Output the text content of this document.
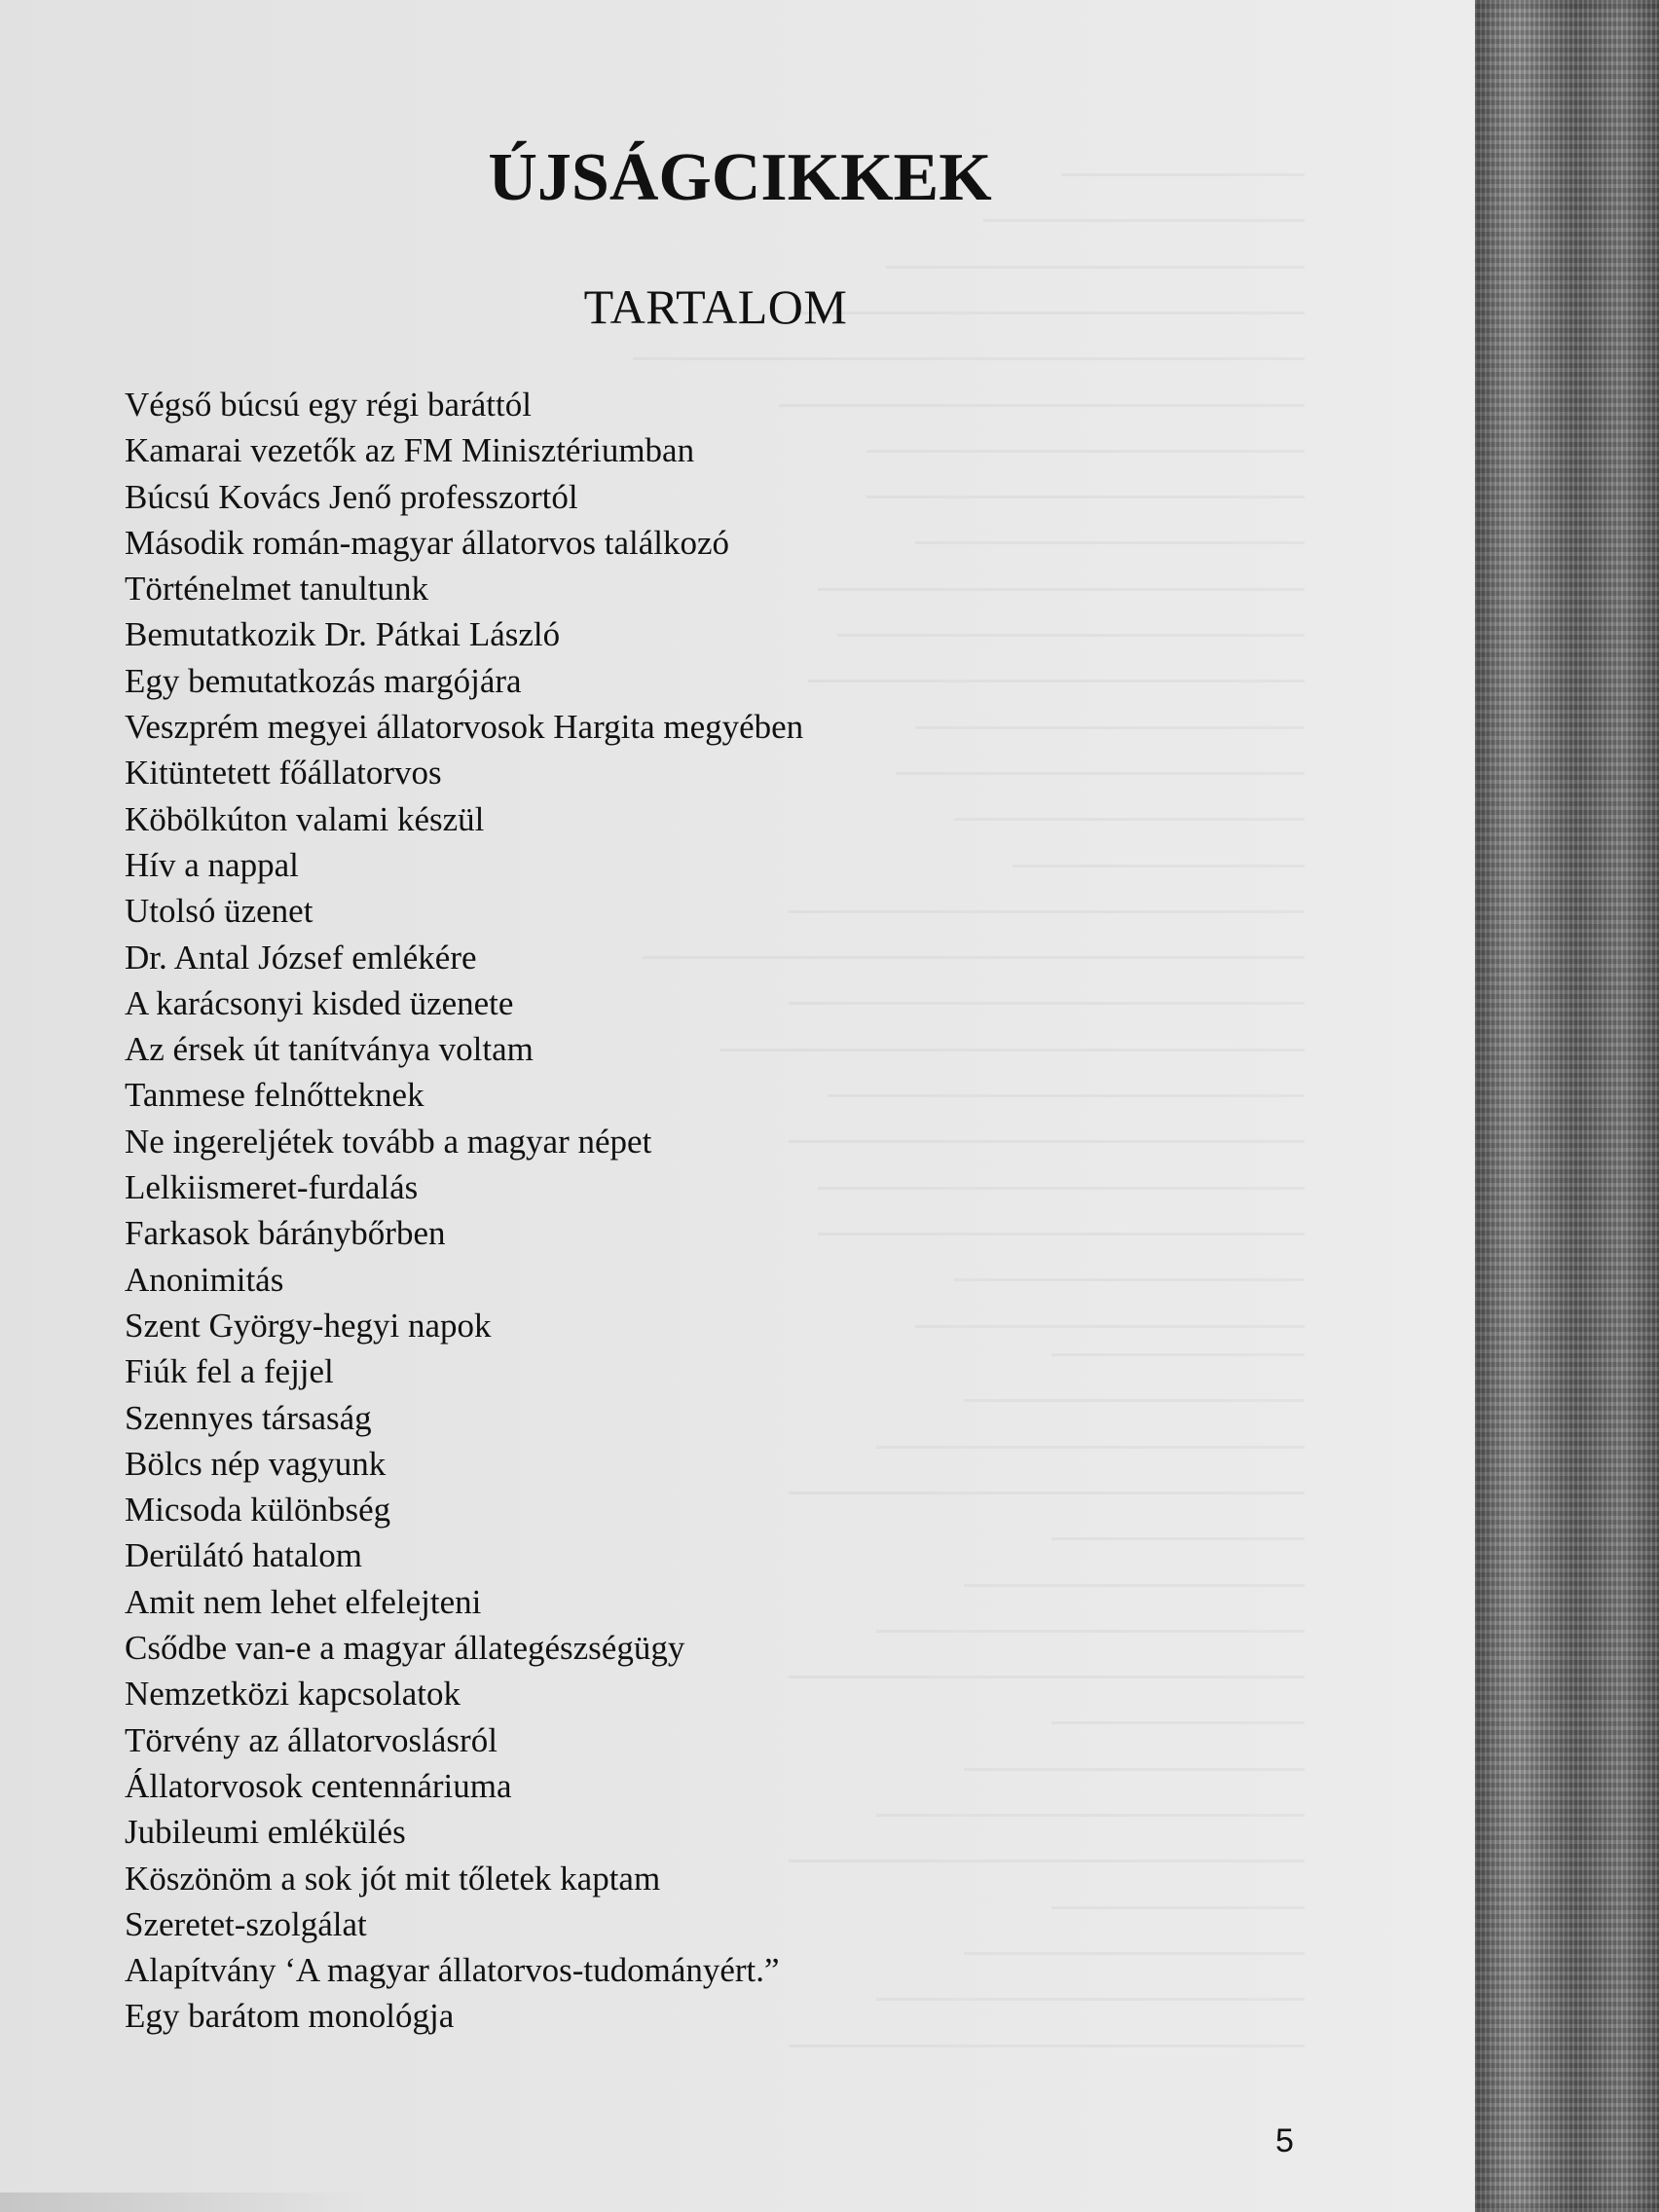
ÚJSÁGCIKKEK
TARTALOM
Végső búcsú egy régi baráttól
Kamarai vezetők az FM Minisztériumban
Búcsú Kovács Jenő professzortól
Második román-magyar állatorvos találkozó
Történelmet tanultunk
Bemutatkozik Dr. Pátkai László
Egy bemutatkozás margójára
Veszprém megyei állatorvosok Hargita megyében
Kitüntetett főállatorvos
Köbölkúton valami készül
Hív a nappal
Utolsó üzenet
Dr. Antal József emlékére
A karácsonyi kisded üzenete
Az érsek út tanítványa voltam
Tanmese felnőtteknek
Ne ingereljétek tovább a magyar népet
Lelkiismeret-furdalás
Farkasok báránybőrben
Anonimitás
Szent György-hegyi napok
Fiúk fel a fejjel
Szennyes társaság
Bölcs nép vagyunk
Micsoda különbség
Derülátó hatalom
Amit nem lehet elfelejteni
Csődbe van-e a magyar állategészségügy
Nemzetközi kapcsolatok
Törvény az állatorvoslásról
Állatorvosok centennáriuma
Jubileumi emlékülés
Köszönöm a sok jót mit tőletek kaptam
Szeretet-szolgálat
Alapítvány ‘A magyar állatorvos-tudományért.”
Egy barátom monológja
5
